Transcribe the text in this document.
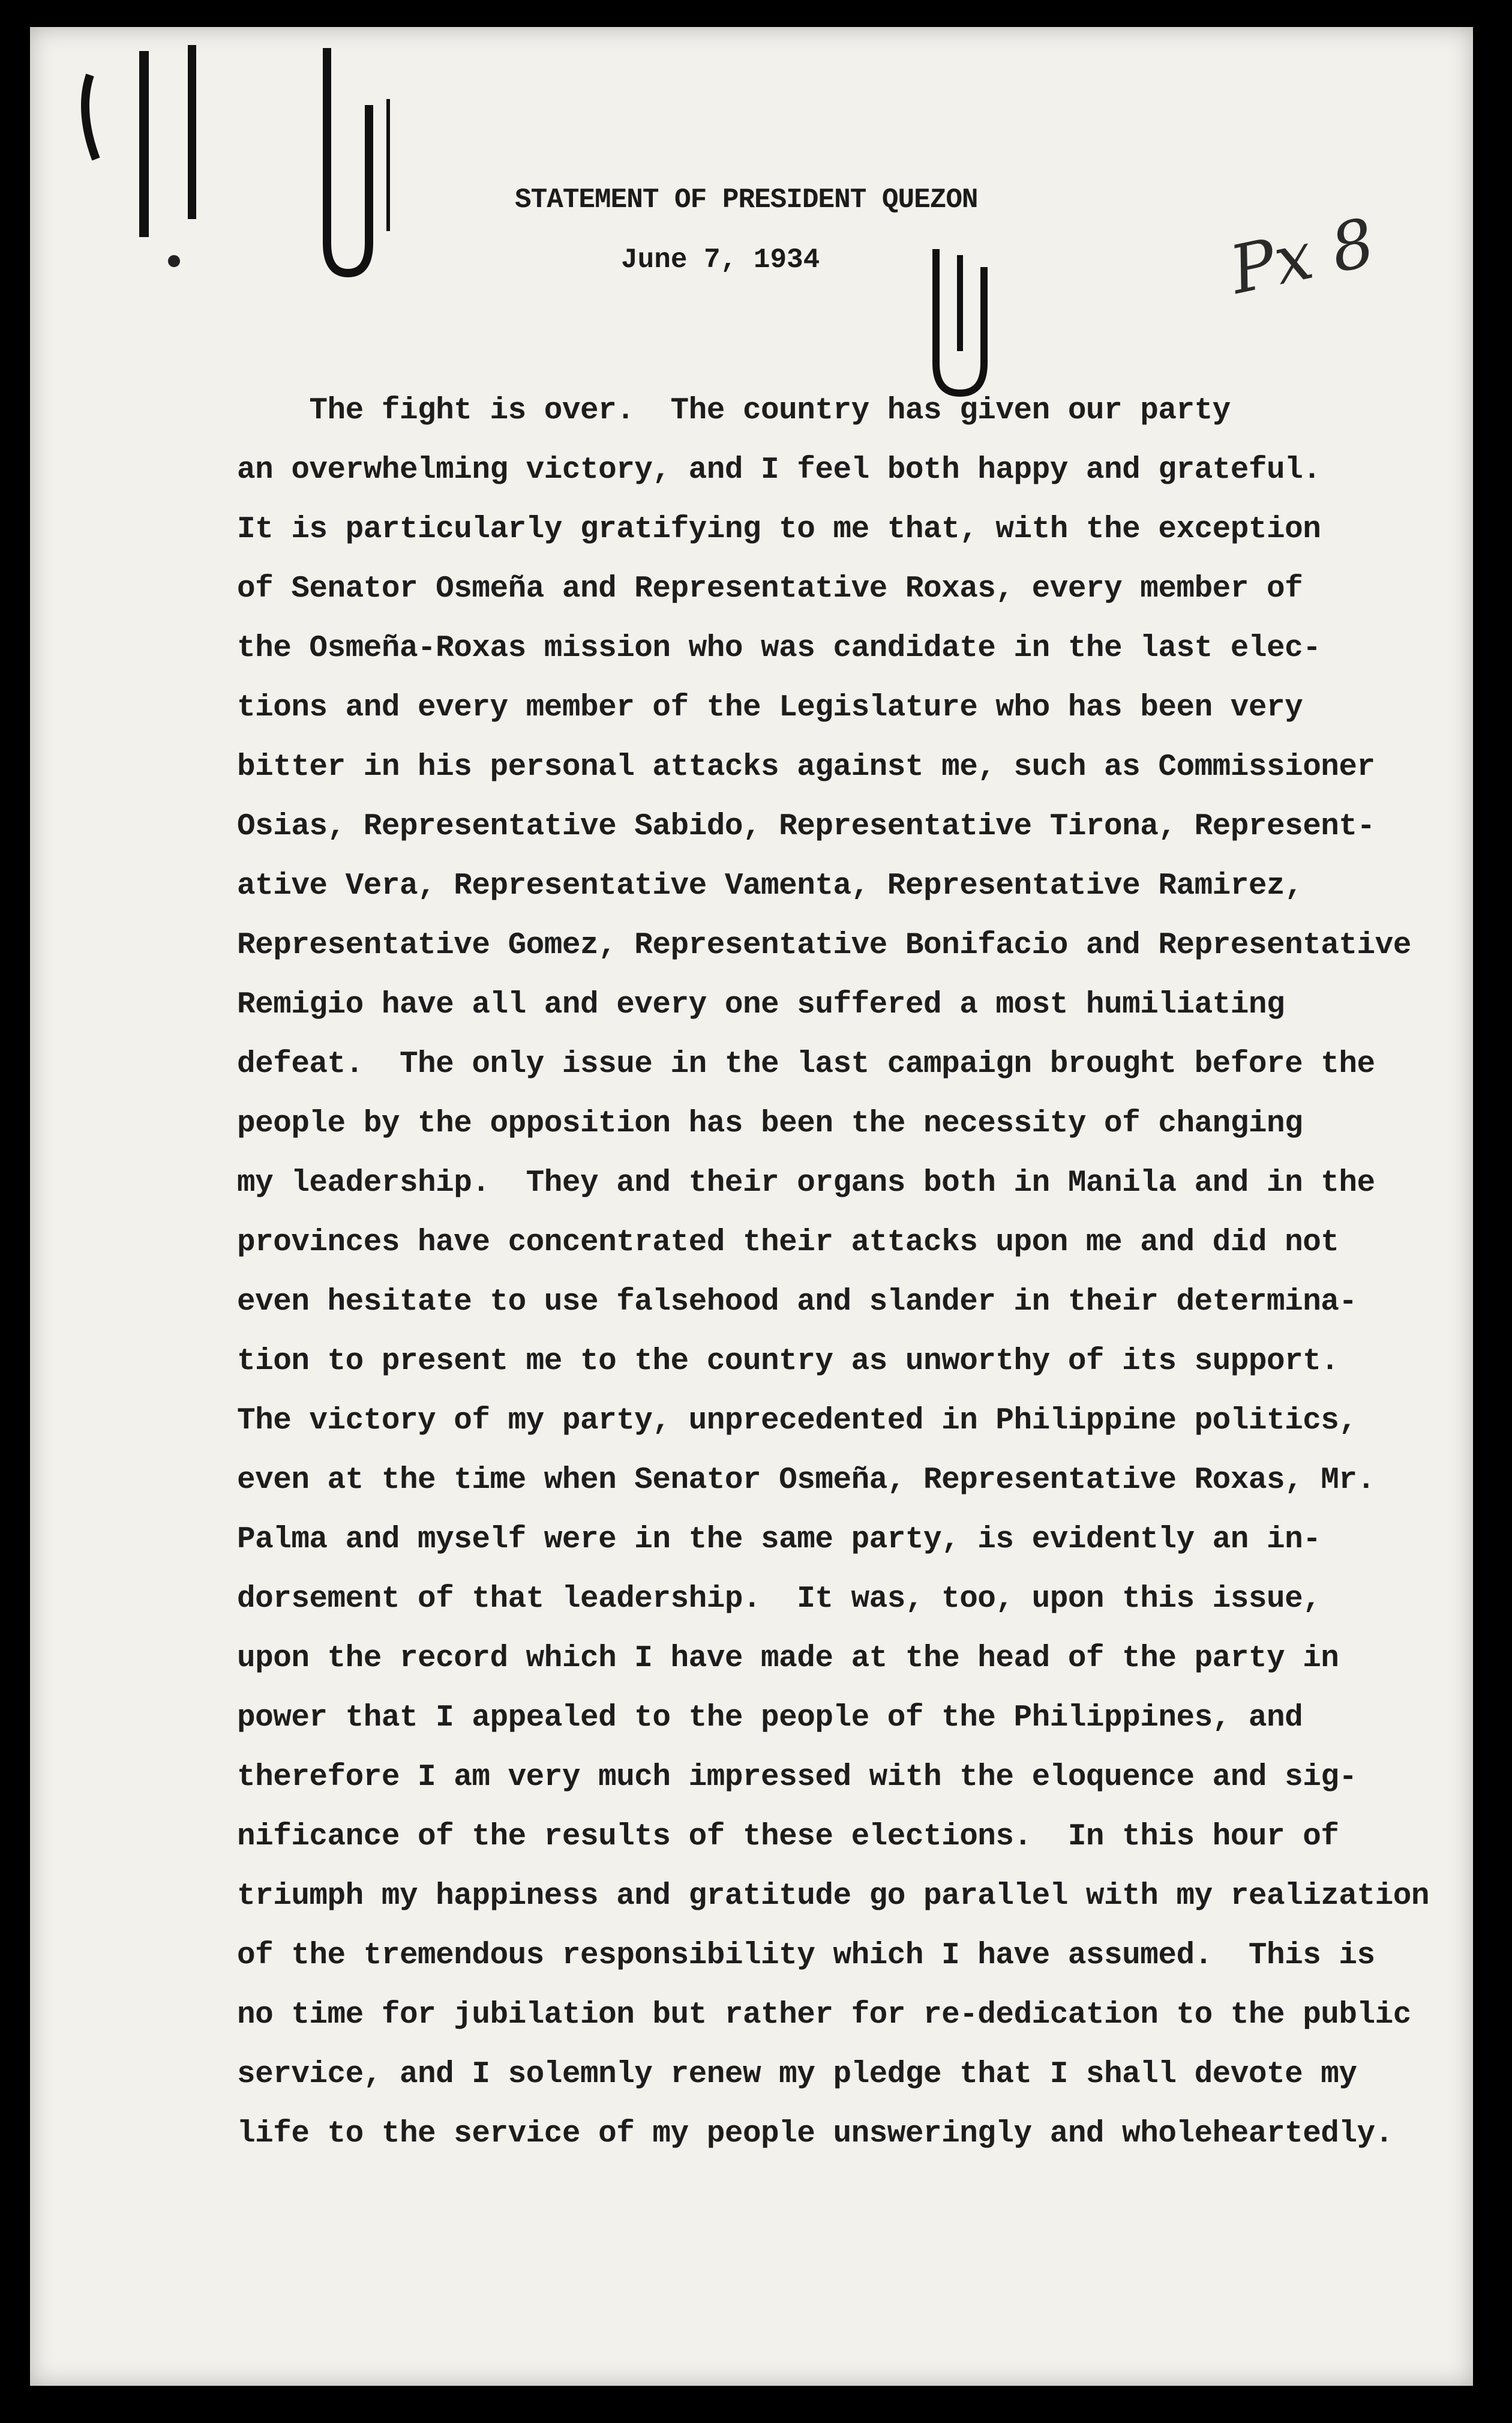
STATEMENT OF PRESIDENT QUEZON
June 7, 1934	Px 8
The fight is over.  The country has given our party
an overwhelming victory, and I feel both happy and grateful.
It is particularly gratifying to me that, with the exception
of Senator Osmeña and Representative Roxas, every member of
the Osmeña-Roxas mission who was candidate in the last elec-
tions and every member of the Legislature who has been very
bitter in his personal attacks against me, such as Commissioner
Osias, Representative Sabido, Representative Tirona, Represent-
ative Vera, Representative Vamenta, Representative Ramirez,
Representative Gomez, Representative Bonifacio and Representative
Remigio have all and every one suffered a most humiliating
defeat.  The only issue in the last campaign brought before the
people by the opposition has been the necessity of changing
my leadership.  They and their organs both in Manila and in the
provinces have concentrated their attacks upon me and did not
even hesitate to use falsehood and slander in their determina-
tion to present me to the country as unworthy of its support.
The victory of my party, unprecedented in Philippine politics,
even at the time when Senator Osmeña, Representative Roxas, Mr.
Palma and myself were in the same party, is evidently an in-
dorsement of that leadership.  It was, too, upon this issue,
upon the record which I have made at the head of the party in
power that I appealed to the people of the Philippines, and
therefore I am very much impressed with the eloquence and sig-
nificance of the results of these elections.  In this hour of
triumph my happiness and gratitude go parallel with my realization
of the tremendous responsibility which I have assumed.  This is
no time for jubilation but rather for re-dedication to the public
service, and I solemnly renew my pledge that I shall devote my
life to the service of my people unsweringly and wholeheartedly.
